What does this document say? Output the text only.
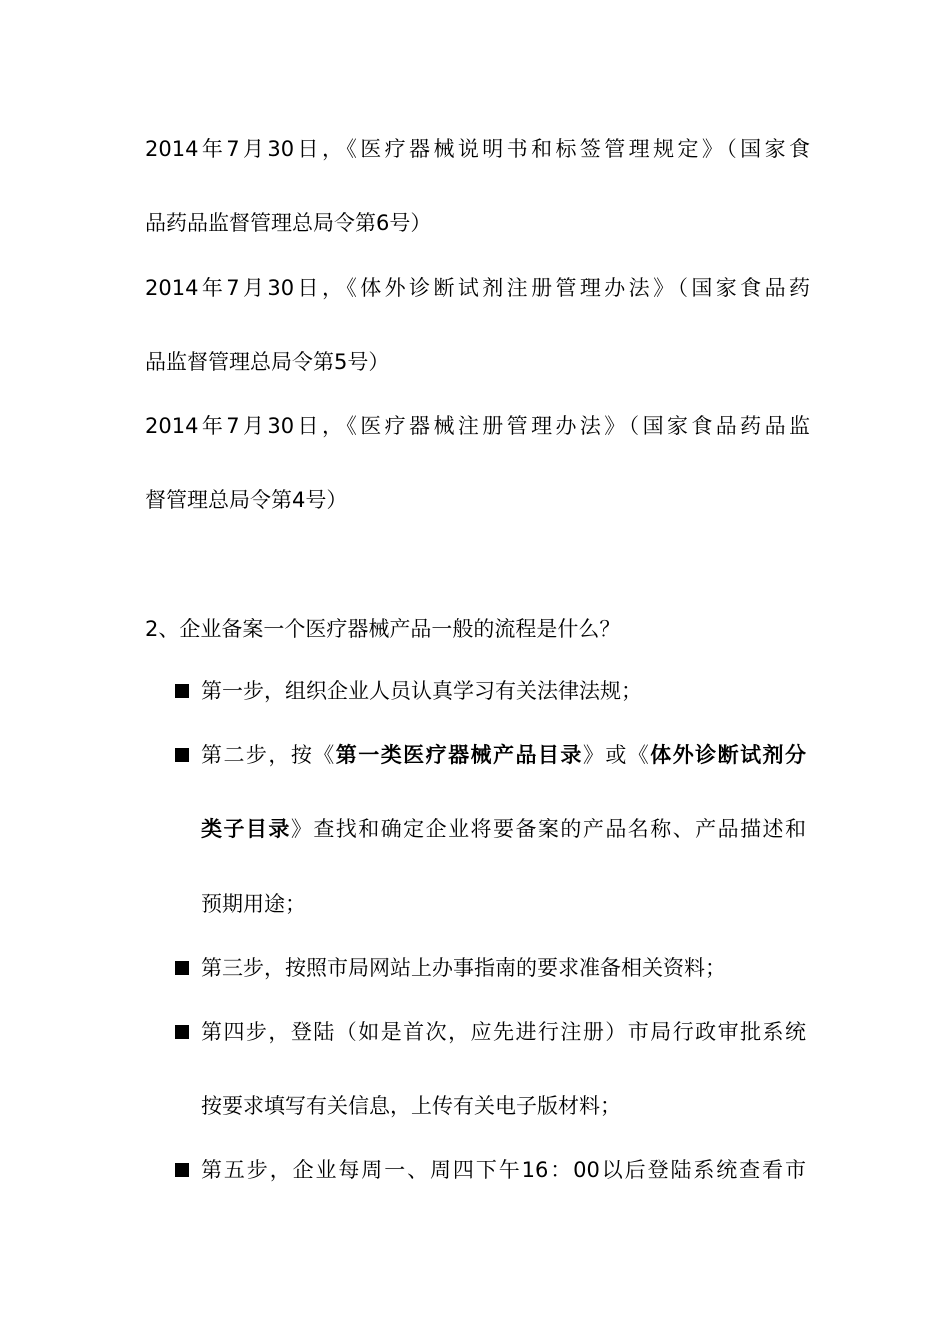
2014年7月30日，《医疗器械说明书和标签管理规定》（国家食
品药品监督管理总局令第6号）
2014年7月30日，《体外诊断试剂注册管理办法》（国家食品药
品监督管理总局令第5号）
2014年7月30日，《医疗器械注册管理办法》（国家食品药品监
督管理总局令第4号）
2、企业备案一个医疗器械产品一般的流程是什么？
第一步，组织企业人员认真学习有关法律法规；
第二步，按《第一类医疗器械产品目录》或《体外诊断试剂分
类子目录》查找和确定企业将要备案的产品名称、产品描述和
预期用途；
第三步，按照市局网站上办事指南的要求准备相关资料；
第四步，登陆（如是首次，应先进行注册）市局行政审批系统
按要求填写有关信息，上传有关电子版材料；
第五步，企业每周一、周四下午16：00以后登陆系统查看市
